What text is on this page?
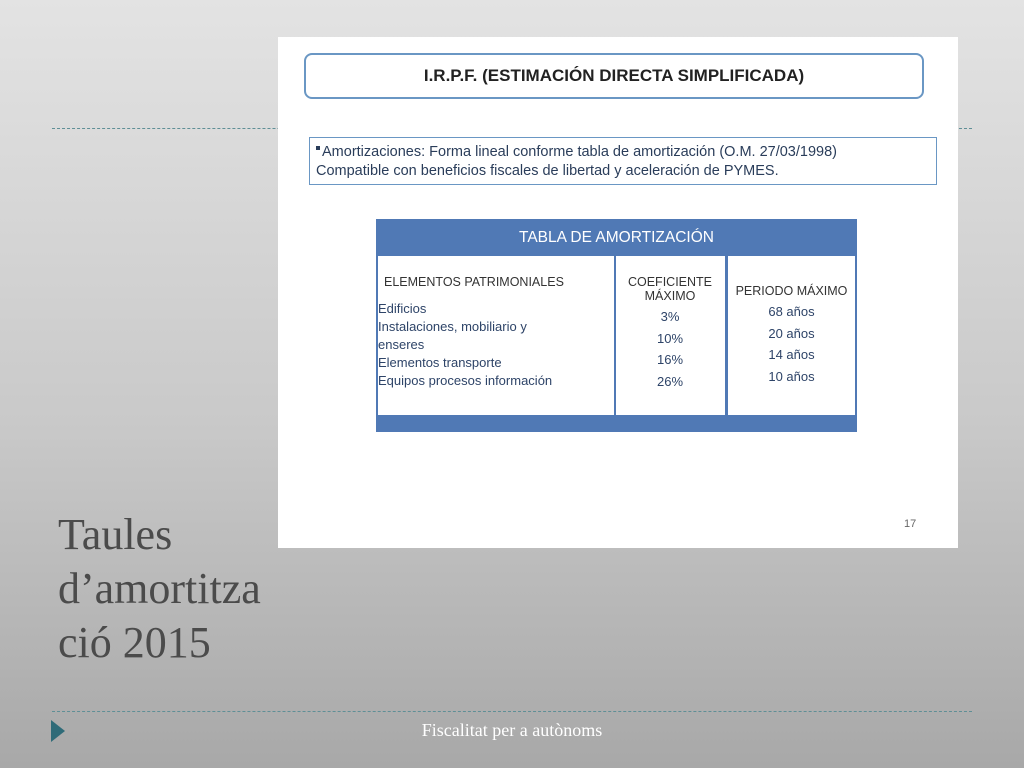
I.R.P.F. (ESTIMACIÓN DIRECTA SIMPLIFICADA)
Amortizaciones: Forma lineal conforme tabla de amortización (O.M. 27/03/1998)
Compatible con beneficios fiscales de libertad y aceleración de PYMES.
TABLA DE AMORTIZACIÓN
ELEMENTOS PATRIMONIALES
Edificios
Instalaciones, mobiliario y
enseres
Elementos transporte
Equipos procesos información
COEFICIENTE
MÁXIMO
3%
10%
16%
26%
PERIODO MÁXIMO
68 años
20 años
14 años
10 años
17
Taules
d’amortitza
ció 2015
Fiscalitat per a autònoms
